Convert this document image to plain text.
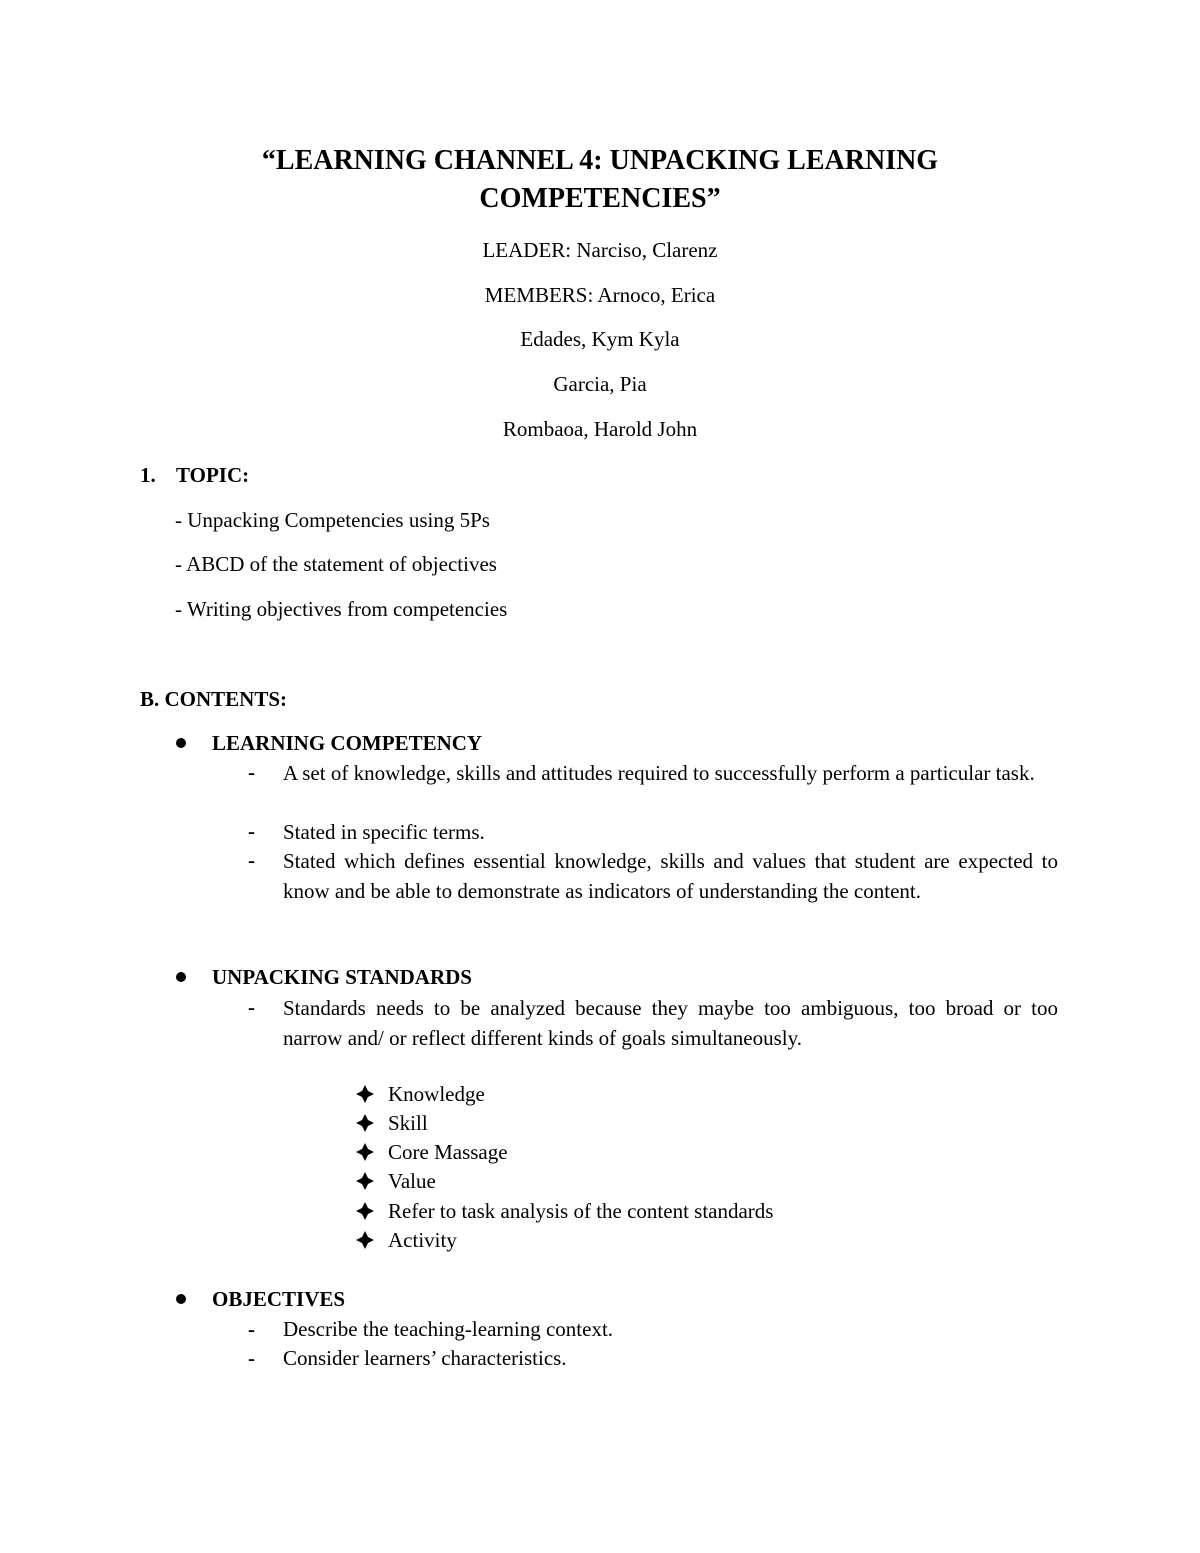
“LEARNING CHANNEL 4: UNPACKING LEARNING COMPETENCIES”
LEADER: Narciso, Clarenz
MEMBERS: Arnoco, Erica
Edades, Kym Kyla
Garcia, Pia
Rombaoa, Harold John
1. TOPIC:
- Unpacking Competencies using 5Ps
- ABCD of the statement of objectives
- Writing objectives from competencies
B. CONTENTS:
LEARNING COMPETENCY
- A set of knowledge, skills and attitudes required to successfully perform a particular task.
- Stated in specific terms.
- Stated which defines essential knowledge, skills and values that student are expected to know and be able to demonstrate as indicators of understanding the content.
UNPACKING STANDARDS
- Standards needs to be analyzed because they maybe too ambiguous, too broad or too narrow and/ or reflect different kinds of goals simultaneously.
Knowledge
Skill
Core Massage
Value
Refer to task analysis of the content standards
Activity
OBJECTIVES
- Describe the teaching-learning context.
- Consider learners’ characteristics.
